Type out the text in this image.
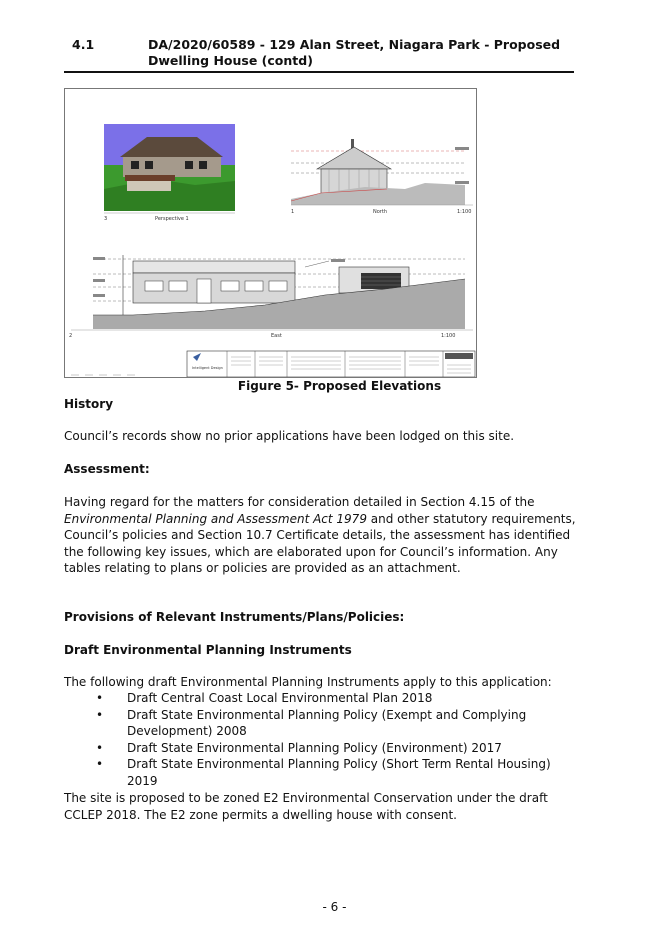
4.1	DA/2020/60589 - 129 Alan Street, Niagara Park - Proposed Dwelling House (contd)
3	Perspective 1
1	North	1:100
2	East	1:100
Intelligent Design
Figure 5- Proposed Elevations
History
Council’s records show no prior applications have been lodged on this site.
Assessment:
Having regard for the matters for consideration detailed in Section 4.15 of the Environmental Planning and Assessment Act 1979 and other statutory requirements, Council’s policies and Section 10.7 Certificate details, the assessment has identified the following key issues, which are elaborated upon for Council’s information. Any tables relating to plans or policies are provided as an attachment.
Provisions of Relevant Instruments/Plans/Policies:
Draft Environmental Planning Instruments
The following draft Environmental Planning Instruments apply to this application:
• Draft Central Coast Local Environmental Plan 2018
• Draft State Environmental Planning Policy (Exempt and Complying Development) 2008
• Draft State Environmental Planning Policy (Environment) 2017
• Draft State Environmental Planning Policy (Short Term Rental Housing) 2019
The site is proposed to be zoned E2 Environmental Conservation under the draft CCLEP 2018. The E2 zone permits a dwelling house with consent.
- 6 -
